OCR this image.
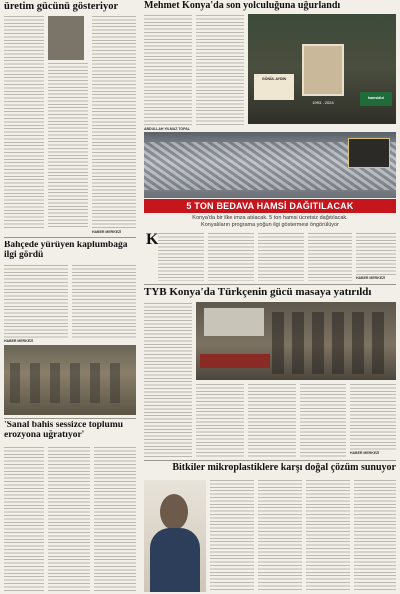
üretim gücünü gösteriyor
HABER MERKEZİ
Bahçede yürüyen kaplumbağa ilgi gördü
HABER MERKEZİ
'Sanal bahis sessizce toplumu erozyona uğratıyor'
Mehmet Konya'da son yolculuğuna uğurlandı
ABDULLAH YILMAZ TOPAL
GÖNÜL AYDIN
1993 - 2024
hamsidizi
5 TON BEDAVA HAMSİ DAĞITILACAK
Konya'da bir ilke imza atılacak. 5 ton hamsi ücretsiz dağıtılacak.
Konyalıların programa yoğun ilgi göstermesi öngörülüyor
K
HABER MERKEZİ
TYB Konya'da Türkçenin gücü masaya yatırıldı
HABER MERKEZİ
Bitkiler mikroplastiklere karşı doğal çözüm sunuyor
